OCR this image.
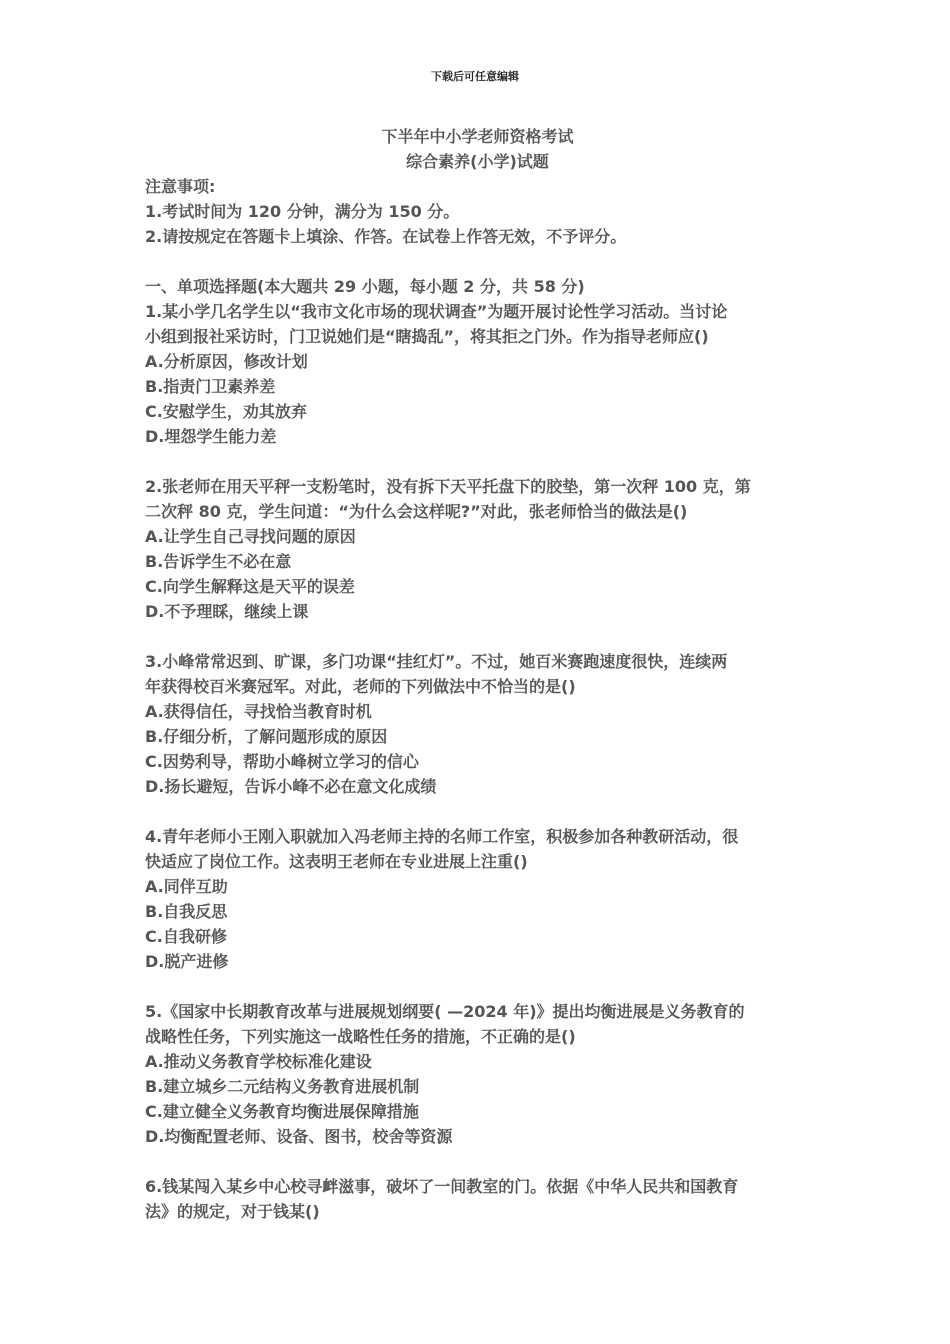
下载后可任意编辑
下半年中小学老师资格考试
综合素养(小学)试题
注意事项:
1.考试时间为 120 分钟，满分为 150 分。
2.请按规定在答题卡上填涂、作答。在试卷上作答无效，不予评分。
一、单项选择题(本大题共 29 小题，每小题 2 分，共 58 分)
1.某小学几名学生以“我市文化市场的现状调查”为题开展讨论性学习活动。当讨论
小组到报社采访时，门卫说她们是“瞎捣乱”，将其拒之门外。作为指导老师应()
A.分析原因，修改计划
B.指责门卫素养差
C.安慰学生，劝其放弃
D.埋怨学生能力差
2.张老师在用天平秤一支粉笔时，没有拆下天平托盘下的胶垫，第一次秤 100 克，第
二次秤 80 克，学生问道：“为什么会这样呢?”对此，张老师恰当的做法是()
A.让学生自己寻找问题的原因
B.告诉学生不必在意
C.向学生解释这是天平的误差
D.不予理睬，继续上课
3.小峰常常迟到、旷课，多门功课“挂红灯”。不过，她百米赛跑速度很快，连续两
年获得校百米赛冠军。对此，老师的下列做法中不恰当的是()
A.获得信任，寻找恰当教育时机
B.仔细分析，了解问题形成的原因
C.因势利导，帮助小峰树立学习的信心
D.扬长避短，告诉小峰不必在意文化成绩
4.青年老师小王刚入职就加入冯老师主持的名师工作室，积极参加各种教研活动，很
快适应了岗位工作。这表明王老师在专业进展上注重()
A.同伴互助
B.自我反思
C.自我研修
D.脱产进修
5.《国家中长期教育改革与进展规划纲要( —2024 年)》提出均衡进展是义务教育的
战略性任务，下列实施这一战略性任务的措施，不正确的是()
A.推动义务教育学校标准化建设
B.建立城乡二元结构义务教育进展机制
C.建立健全义务教育均衡进展保障措施
D.均衡配置老师、设备、图书，校舍等资源
6.钱某闯入某乡中心校寻衅滋事，破坏了一间教室的门。依据《中华人民共和国教育
法》的规定，对于钱某()
